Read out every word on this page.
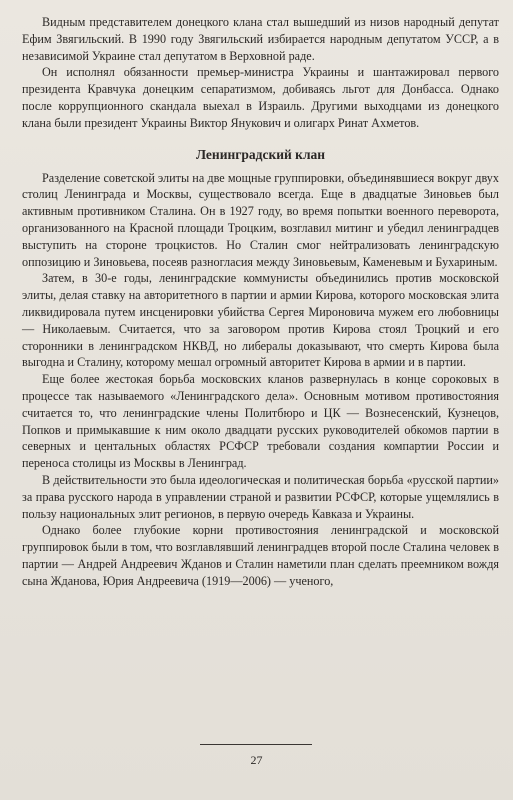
Видным представителем донецкого клана стал вышедший из низов народный депутат Ефим Звягильский. В 1990 году Звягильский избирается народным депутатом УССР, а в независимой Украине стал депутатом в Верховной раде.

Он исполнял обязанности премьер-министра Украины и шантажировал первого президента Кравчука донецким сепаратизмом, добиваясь льгот для Донбасса. Однако после коррупционного скандала выехал в Израиль. Другими выходцами из донецкого клана были президент Украины Виктор Янукович и олигарх Ринат Ахметов.

Ленинградский клан

Разделение советской элиты на две мощные группировки, объединявшиеся вокруг двух столиц Ленинграда и Москвы, существовало всегда. Еще в двадцатые Зиновьев был активным противником Сталина. Он в 1927 году, во время попытки военного переворота, организованного на Красной площади Троцким, возглавил митинг и убедил ленинградцев выступить на стороне троцкистов. Но Сталин смог нейтрализовать ленинградскую оппозицию и Зиновьева, посеяв разногласия между Зиновьевым, Каменевым и Бухариным.

Затем, в 30-е годы, ленинградские коммунисты объединились против московской элиты, делая ставку на авторитетного в партии и армии Кирова, которого московская элита ликвидировала путем инсценировки убийства Сергея Мироновича мужем его любовницы — Николаевым. Считается, что за заговором против Кирова стоял Троцкий и его сторонники в ленинградском НКВД, но либералы доказывают, что смерть Кирова была выгодна и Сталину, которому мешал огромный авторитет Кирова в армии и в партии.

Еще более жестокая борьба московских кланов развернулась в конце сороковых в процессе так называемого «Ленинградского дела». Основным мотивом противостояния считается то, что ленинградские члены Политбюро и ЦК — Вознесенский, Кузнецов, Попков и примыкавшие к ним около двадцати русских руководителей обкомов партии в северных и центальных областях РСФСР требовали создания компартии России и переноса столицы из Москвы в Ленинград.

В действительности это была идеологическая и политическая борьба «русской партии» за права русского народа в управлении страной и развитии РСФСР, которые ущемлялись в пользу национальных элит регионов, в первую очередь Кавказа и Украины.

Однако более глубокие корни противостояния ленинградской и московской группировок были в том, что возглавлявший ленинградцев второй после Сталина человек в партии — Андрей Андреевич Жданов и Сталин наметили план сделать преемником вождя сына Жданова, Юрия Андреевича (1919—2006) — ученого,

27
